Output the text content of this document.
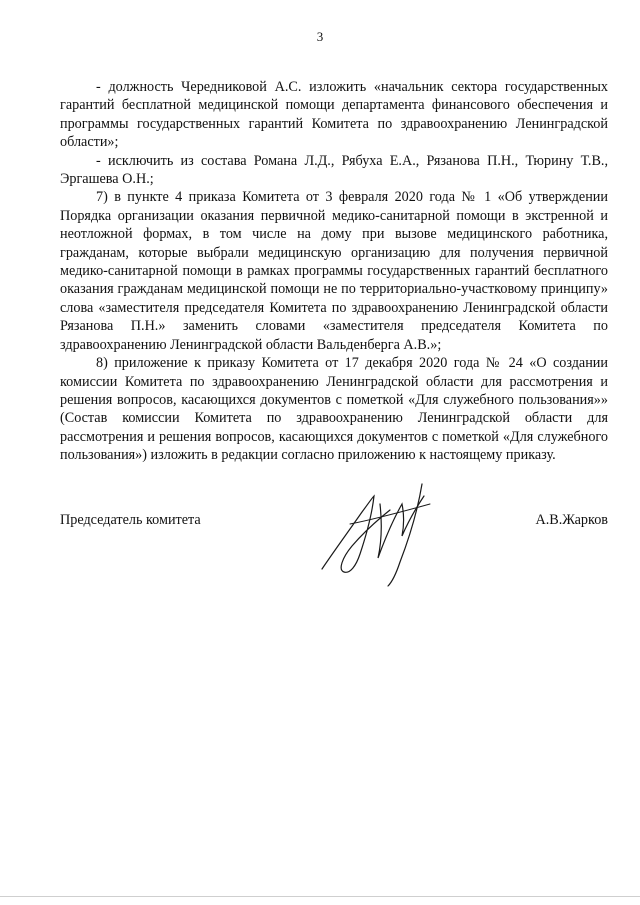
3

- должность Чередниковой А.С. изложить «начальник сектора государственных гарантий бесплатной медицинской помощи департамента финансового обеспечения и программы государственных гарантий Комитета по здравоохранению Ленинградской области»;

- исключить из состава Романа Л.Д., Рябуха Е.А., Рязанова П.Н., Тюрину Т.В., Эргашева О.Н.;

7) в пункте 4 приказа Комитета от 3 февраля 2020 года № 1 «Об утверждении Порядка организации оказания первичной медико-санитарной помощи в экстренной и неотложной формах, в том числе на дому при вызове медицинского работника, гражданам, которые выбрали медицинскую организацию для получения первичной медико-санитарной помощи в рамках программы государственных гарантий бесплатного оказания гражданам медицинской помощи не по территориально-участковому принципу» слова «заместителя председателя Комитета по здравоохранению Ленинградской области Рязанова П.Н.» заменить словами «заместителя председателя Комитета по здравоохранению Ленинградской области Вальденберга А.В.»;

8) приложение к приказу Комитета от 17 декабря 2020 года № 24 «О создании комиссии Комитета по здравоохранению Ленинградской области для рассмотрения и решения вопросов, касающихся документов с пометкой «Для служебного пользования»» (Состав комиссии Комитета по здравоохранению Ленинградской области для рассмотрения и решения вопросов, касающихся документов с пометкой «Для служебного пользования») изложить в редакции согласно приложению к настоящему приказу.

Председатель комитета	А.В.Жарков
